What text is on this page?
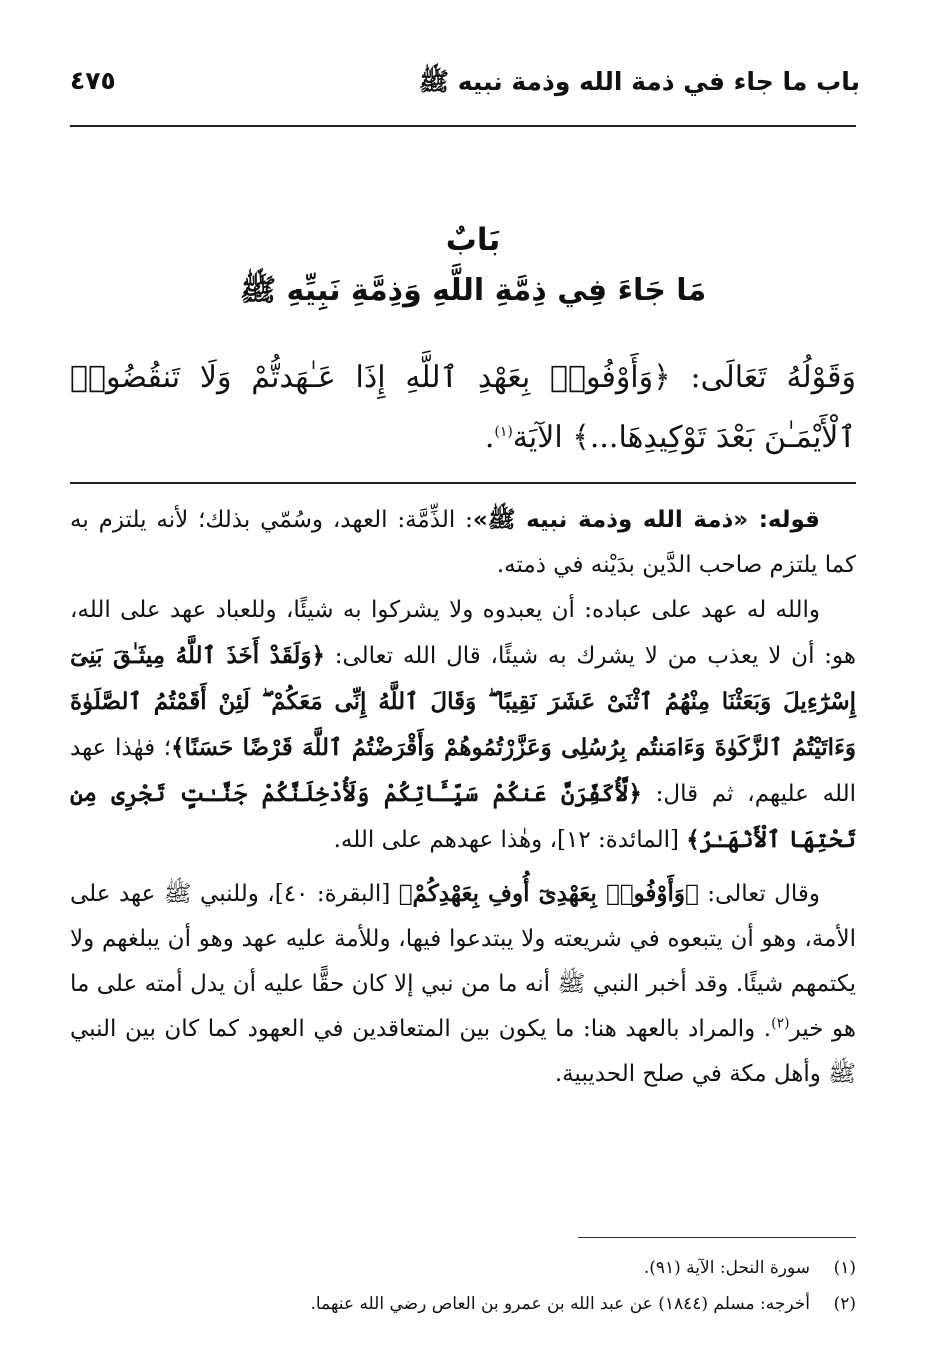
باب ما جاء في ذمة الله وذمة نبيه ﷺ
٤٧٥
بَابٌ
مَا جَاءَ فِي ذِمَّةِ اللَّهِ وَذِمَّةِ نَبِيِّهِ ﷺ
وَقَوْلُهُ تَعَالَى: ﴿وَأَوْفُوا۟ بِعَهْدِ ٱللَّهِ إِذَا عَـٰهَدتُّمْ وَلَا تَنقُضُوا۟ ٱلْأَيْمَـٰنَ بَعْدَ تَوْكِيدِهَا...﴾ الآيَة$^{(١)}$.

قوله: «ذمة الله وذمة نبيه ﷺ»: الذِّمَّة: العهد، وسُمّي بذلك؛ لأنه يلتزم به كما يلتزم صاحب الدَّين بدَيْنه في ذمته.

والله له عهد على عباده: أن يعبدوه ولا يشركوا به شيئًا، وللعباد عهد على الله، هو: أن لا يعذب من لا يشرك به شيئًا، قال الله تعالى: ﴿وَلَقَدْ أَخَذَ ٱللَّهُ مِيثَـٰقَ بَنِىٓ إِسْرَٰٓءِيلَ وَبَعَثْنَا مِنْهُمُ ٱثْنَىْ عَشَرَ نَقِيبًا ۖ وَقَالَ ٱللَّهُ إِنِّى مَعَكُمْ ۖ لَئِنْ أَقَمْتُمُ ٱلصَّلَوٰةَ وَءَاتَيْتُمُ ٱلزَّكَوٰةَ وَءَامَنتُم بِرُسُلِى وَعَزَّرْتُمُوهُمْ وَأَقْرَضْتُمُ ٱللَّهَ قَرْضًا حَسَنًا﴾؛ فهٰذا عهد الله عليهم، ثم قال: ﴿لَّأُكَفِّرَنَّ عَنكُمْ سَيِّـَٔاتِكُمْ وَلَأُدْخِلَنَّكُمْ جَنَّـٰتٍ تَجْرِى مِن تَحْتِهَا ٱلْأَنْهَـٰرُ﴾ [المائدة: ١٢]، وهٰذا عهدهم على الله.

وقال تعالى: ﴿وَأَوْفُوا۟ بِعَهْدِىٓ أُوفِ بِعَهْدِكُمْ﴾ [البقرة: ٤٠]، وللنبي ﷺ عهد على الأمة، وهو أن يتبعوه في شريعته ولا يبتدعوا فيها، وللأمة عليه عهد وهو أن يبلغهم ولا يكتمهم شيئًا. وقد أخبر النبي ﷺ أنه ما من نبي إلا كان حقًّا عليه أن يدل أمته على ما هو خير$^{(٢)}$. والمراد بالعهد هنا: ما يكون بين المتعاقدين في العهود كما كان بين النبي ﷺ وأهل مكة في صلح الحديبية.

(١)
سورة النحل: الآية (٩١).
(٢)
أخرجه: مسلم (١٨٤٤) عن عبد الله بن عمرو بن العاص رضي الله عنهما.
